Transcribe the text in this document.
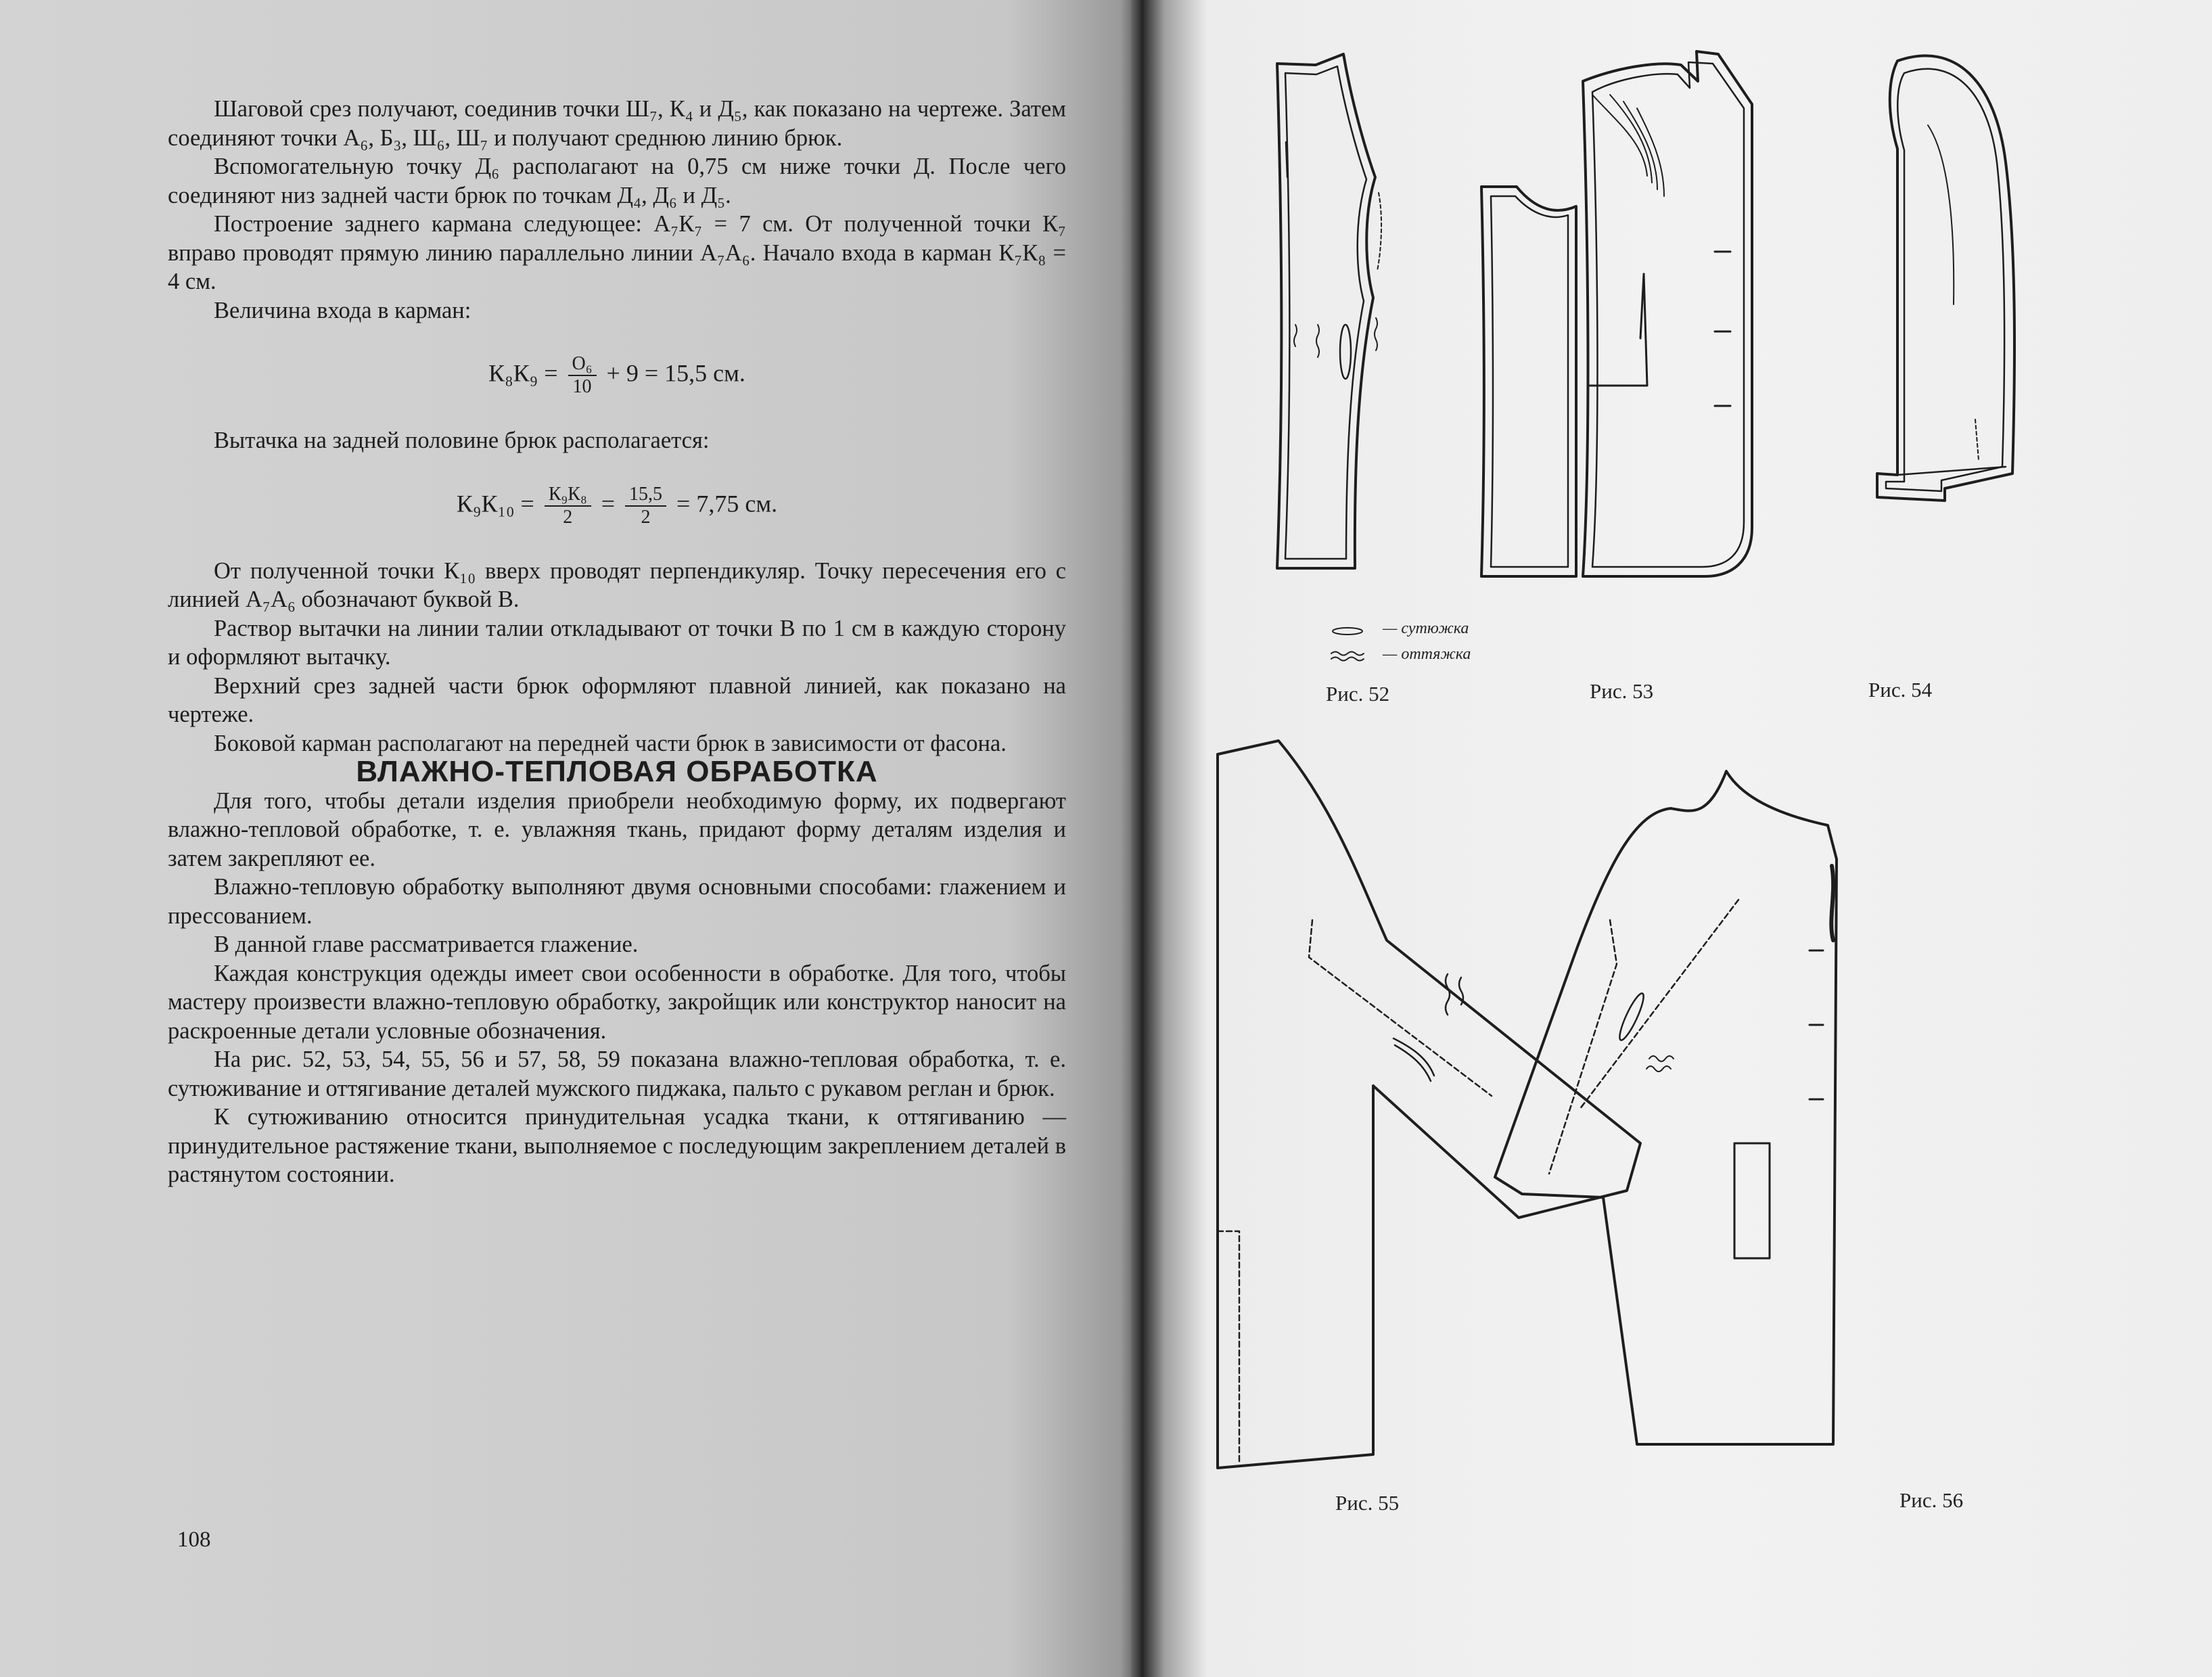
Шаговой срез получают, соединив точки Ш₇, К₄ и Д₅, как показано на чертеже. Затем соединяют точки А₆, Б₃, Ш₆, Ш₇ и получают среднюю линию брюк.

Вспомогательную точку Д₆ располагают на 0,75 см ниже точки Д. После чего соединяют низ задней части брюк по точкам Д₄, Д₆ и Д₅.

Построение заднего кармана следующее: А₇К₇ = 7 см. От полученной точки К₇ вправо проводят прямую линию параллельно линии А₇А₆. Начало входа в карман К₇К₈ = 4 см.

Величина входа в карман:

$К_8К_9 = \frac{\text{О₆}}{10} + 9 = 15,5$ см.

Вытачка на задней половине брюк располагается:

$К_9К_{10} = \frac{\text{К₉К₈}}{2} = \frac{15,5}{2} = 7,75$ см.

От полученной точки К₁₀ вверх проводят перпендикуляр. Точку пересечения его с линией А₇А₆ обозначают буквой В.

Раствор вытачки на линии талии откладывают от точки В по 1 см в каждую сторону и оформляют вытачку.

Верхний срез задней части брюк оформляют плавной линией, как показано на чертеже.

Боковой карман располагают на передней части брюк в зависимости от фасона.

ВЛАЖНО-ТЕПЛОВАЯ ОБРАБОТКА

Для того, чтобы детали изделия приобрели необходимую форму, их подвергают влажно-тепловой обработке, т. е. увлажняя ткань, придают форму деталям изделия и затем закрепляют ее.

Влажно-тепловую обработку выполняют двумя основными способами: глажением и прессованием.

В данной главе рассматривается глажение.

Каждая конструкция одежды имеет свои особенности в обработке. Для того, чтобы мастеру произвести влажно-тепловую обработку, закройщик или конструктор наносит на раскроенные детали условные обозначения.

На рис. 52, 53, 54, 55, 56 и 57, 58, 59 показана влажно-тепловая обработка, т. е. сутюживание и оттягивание деталей мужского пиджака, пальто с рукавом реглан и брюк.

К сутюживанию относится принудительная усадка ткани, к оттягиванию — принудительное растяжение ткани, выполняемое с последующим закреплением деталей в растянутом состоянии.

108
— сутюжка
— оттяжка
Рис. 52	Рис. 53	Рис. 54
Рис. 55	Рис. 56
